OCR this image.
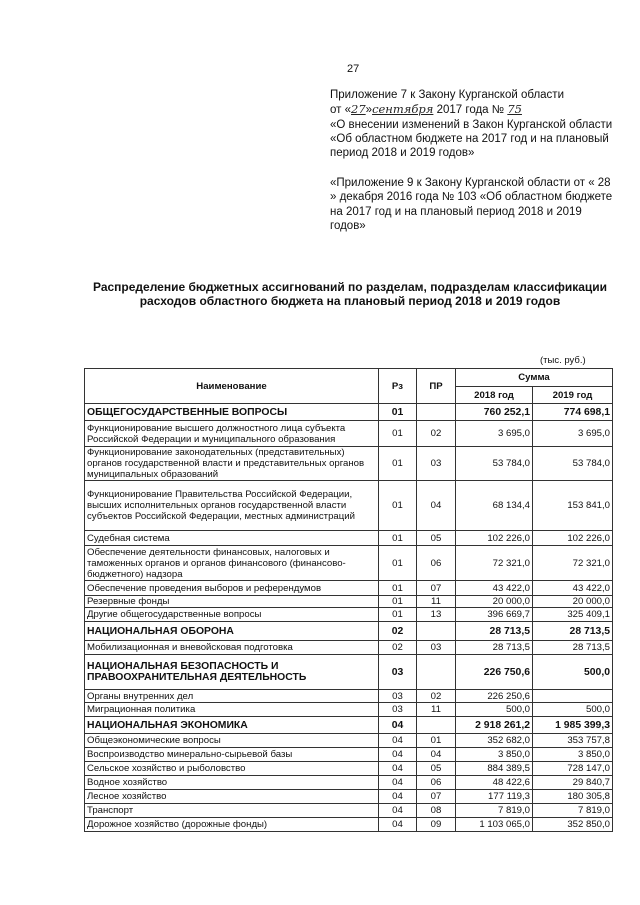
27
Приложение 7 к Закону Курганской области
от «27»сентября 2017 года № 75
«О внесении изменений в Закон Курганской области «Об областном бюджете на 2017 год и на плановый период 2018 и 2019 годов»
«Приложение 9 к Закону Курганской области от « 28 » декабря 2016 года № 103 «Об областном бюджете на 2017 год и на плановый период 2018 и 2019 годов»
Распределение бюджетных ассигнований по разделам, подразделам классификации расходов областного бюджета на плановый период 2018 и 2019 годов
(тыс. руб.)
Наименование	Рз	ПР	Сумма	
			2018 год	2019 год
ОБЩЕГОСУДАРСТВЕННЫЕ ВОПРОСЫ	01		760 252,1	774 698,1
Функционирование высшего должностного лица субъекта Российской Федерации и муниципального образования	01	02	3 695,0	3 695,0
Функционирование законодательных (представительных) органов государственной власти и представительных органов муниципальных образований	01	03	53 784,0	53 784,0
Функционирование Правительства Российской Федерации, высших исполнительных органов государственной власти субъектов Российской Федерации, местных администраций	01	04	68 134,4	153 841,0
Судебная система	01	05	102 226,0	102 226,0
Обеспечение деятельности финансовых, налоговых и таможенных органов и органов финансового (финансово-бюджетного) надзора	01	06	72 321,0	72 321,0
Обеспечение проведения выборов и референдумов	01	07	43 422,0	43 422,0
Резервные фонды	01	11	20 000,0	20 000,0
Другие общегосударственные вопросы	01	13	396 669,7	325 409,1
НАЦИОНАЛЬНАЯ ОБОРОНА	02		28 713,5	28 713,5
Мобилизационная и вневойсковая подготовка	02	03	28 713,5	28 713,5
НАЦИОНАЛЬНАЯ БЕЗОПАСНОСТЬ И ПРАВООХРАНИТЕЛЬНАЯ ДЕЯТЕЛЬНОСТЬ	03		226 750,6	500,0
Органы внутренних дел	03	02	226 250,6	
Миграционная политика	03	11	500,0	500,0
НАЦИОНАЛЬНАЯ ЭКОНОМИКА	04		2 918 261,2	1 985 399,3
Общеэкономические вопросы	04	01	352 682,0	353 757,8
Воспроизводство минерально-сырьевой базы	04	04	3 850,0	3 850,0
Сельское хозяйство и рыболовство	04	05	884 389,5	728 147,0
Водное хозяйство	04	06	48 422,6	29 840,7
Лесное хозяйство	04	07	177 119,3	180 305,8
Транспорт	04	08	7 819,0	7 819,0
Дорожное хозяйство (дорожные фонды)	04	09	1 103 065,0	352 850,0
